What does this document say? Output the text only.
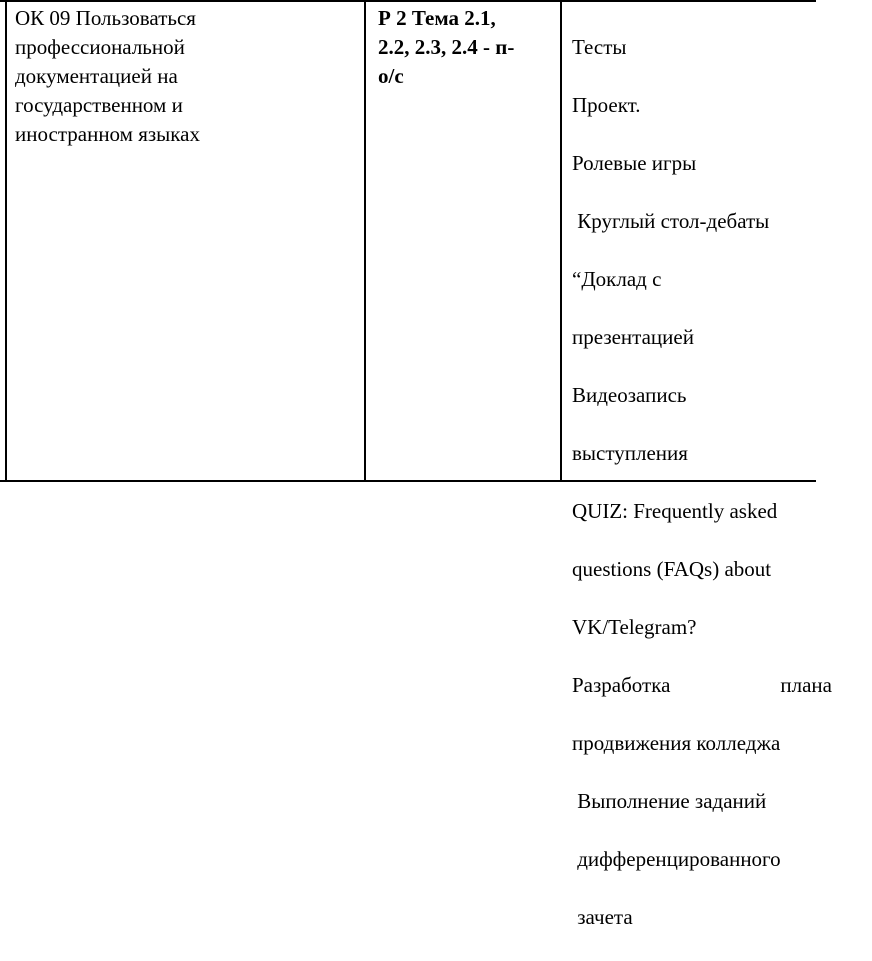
ОК 09 Пользоваться
профессиональной
документацией на
государственном и
иностранном языках
Р 2 Тема 2.1,
2.2, 2.3, 2.4 - п-
о/с

Тесты

Проект.

Ролевые игры

Круглый стол-дебаты

“Доклад с

презентацией

Видеозапись

выступления

QUIZ: Frequently asked

questions (FAQs) about

VK/Telegram?

Разработка	плана

продвижения колледжа

Выполнение заданий

дифференцированного

зачета
